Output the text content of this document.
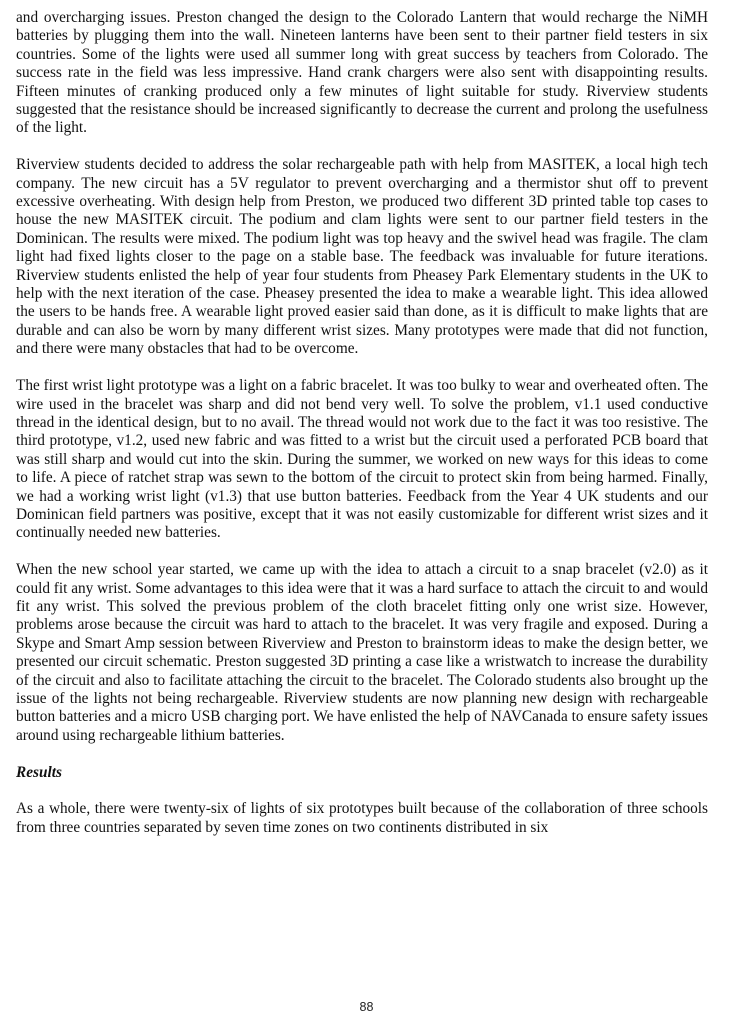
and overcharging issues. Preston changed the design to the Colorado Lantern that would recharge the NiMH batteries by plugging them into the wall. Nineteen lanterns have been sent to their partner field testers in six countries. Some of the lights were used all summer long with great success by teachers from Colorado. The success rate in the field was less impressive. Hand crank chargers were also sent with disappointing results. Fifteen minutes of cranking produced only a few minutes of light suitable for study. Riverview students suggested that the resistance should be increased significantly to decrease the current and prolong the usefulness of the light.

Riverview students decided to address the solar rechargeable path with help from MASITEK, a local high tech company. The new circuit has a 5V regulator to prevent overcharging and a thermistor shut off to prevent excessive overheating. With design help from Preston, we produced two different 3D printed table top cases to house the new MASITEK circuit. The podium and clam lights were sent to our partner field testers in the Dominican. The results were mixed. The podium light was top heavy and the swivel head was fragile. The clam light had fixed lights closer to the page on a stable base. The feedback was invaluable for future iterations. Riverview students enlisted the help of year four students from Pheasey Park Elementary students in the UK to help with the next iteration of the case. Pheasey presented the idea to make a wearable light. This idea allowed the users to be hands free. A wearable light proved easier said than done, as it is difficult to make lights that are durable and can also be worn by many different wrist sizes. Many prototypes were made that did not function, and there were many obstacles that had to be overcome.

The first wrist light prototype was a light on a fabric bracelet. It was too bulky to wear and overheated often. The wire used in the bracelet was sharp and did not bend very well. To solve the problem, v1.1 used conductive thread in the identical design, but to no avail. The thread would not work due to the fact it was too resistive. The third prototype, v1.2, used new fabric and was fitted to a wrist but the circuit used a perforated PCB board that was still sharp and would cut into the skin. During the summer, we worked on new ways for this ideas to come to life. A piece of ratchet strap was sewn to the bottom of the circuit to protect skin from being harmed. Finally, we had a working wrist light (v1.3) that use button batteries. Feedback from the Year 4 UK students and our Dominican field partners was positive, except that it was not easily customizable for different wrist sizes and it continually needed new batteries.

When the new school year started, we came up with the idea to attach a circuit to a snap bracelet (v2.0) as it could fit any wrist. Some advantages to this idea were that it was a hard surface to attach the circuit to and would fit any wrist. This solved the previous problem of the cloth bracelet fitting only one wrist size. However, problems arose because the circuit was hard to attach to the bracelet. It was very fragile and exposed. During a Skype and Smart Amp session between Riverview and Preston to brainstorm ideas to make the design better, we presented our circuit schematic. Preston suggested 3D printing a case like a wristwatch to increase the durability of the circuit and also to facilitate attaching the circuit to the bracelet. The Colorado students also brought up the issue of the lights not being rechargeable. Riverview students are now planning new design with rechargeable button batteries and a micro USB charging port. We have enlisted the help of NAVCanada to ensure safety issues around using rechargeable lithium batteries.

Results

As a whole, there were twenty-six of lights of six prototypes built because of the collaboration of three schools from three countries separated by seven time zones on two continents distributed in six

88
